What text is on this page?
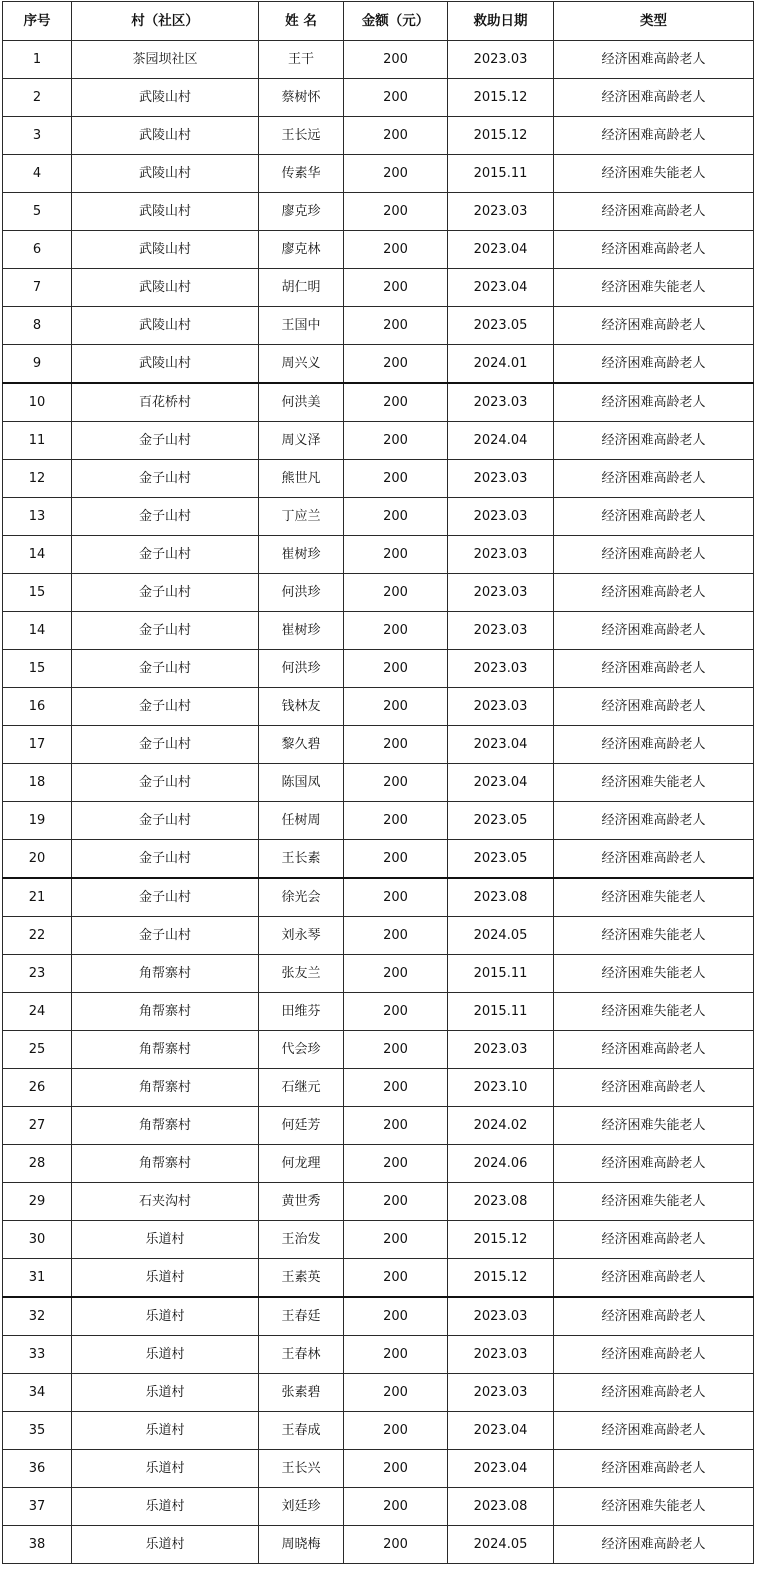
序号	村（社区）	姓 名	金额（元）	救助日期	类型
1	茶园坝社区	王干	200	2023.03	经济困难高龄老人
2	武陵山村	蔡树怀	200	2015.12	经济困难高龄老人
3	武陵山村	王长远	200	2015.12	经济困难高龄老人
4	武陵山村	传素华	200	2015.11	经济困难失能老人
5	武陵山村	廖克珍	200	2023.03	经济困难高龄老人
6	武陵山村	廖克林	200	2023.04	经济困难高龄老人
7	武陵山村	胡仁明	200	2023.04	经济困难失能老人
8	武陵山村	王国中	200	2023.05	经济困难高龄老人
9	武陵山村	周兴义	200	2024.01	经济困难高龄老人
10	百花桥村	何洪美	200	2023.03	经济困难高龄老人
11	金子山村	周义泽	200	2024.04	经济困难高龄老人
12	金子山村	熊世凡	200	2023.03	经济困难高龄老人
13	金子山村	丁应兰	200	2023.03	经济困难高龄老人
14	金子山村	崔树珍	200	2023.03	经济困难高龄老人
15	金子山村	何洪珍	200	2023.03	经济困难高龄老人
14	金子山村	崔树珍	200	2023.03	经济困难高龄老人
15	金子山村	何洪珍	200	2023.03	经济困难高龄老人
16	金子山村	钱林友	200	2023.03	经济困难高龄老人
17	金子山村	黎久碧	200	2023.04	经济困难高龄老人
18	金子山村	陈国凤	200	2023.04	经济困难失能老人
19	金子山村	任树周	200	2023.05	经济困难高龄老人
20	金子山村	王长素	200	2023.05	经济困难高龄老人
21	金子山村	徐光会	200	2023.08	经济困难失能老人
22	金子山村	刘永琴	200	2024.05	经济困难失能老人
23	角帮寨村	张友兰	200	2015.11	经济困难失能老人
24	角帮寨村	田维芬	200	2015.11	经济困难失能老人
25	角帮寨村	代会珍	200	2023.03	经济困难高龄老人
26	角帮寨村	石继元	200	2023.10	经济困难高龄老人
27	角帮寨村	何廷芳	200	2024.02	经济困难失能老人
28	角帮寨村	何龙理	200	2024.06	经济困难高龄老人
29	石夹沟村	黄世秀	200	2023.08	经济困难失能老人
30	乐道村	王治发	200	2015.12	经济困难高龄老人
31	乐道村	王素英	200	2015.12	经济困难高龄老人
32	乐道村	王春廷	200	2023.03	经济困难高龄老人
33	乐道村	王春林	200	2023.03	经济困难高龄老人
34	乐道村	张素碧	200	2023.03	经济困难高龄老人
35	乐道村	王春成	200	2023.04	经济困难高龄老人
36	乐道村	王长兴	200	2023.04	经济困难高龄老人
37	乐道村	刘廷珍	200	2023.08	经济困难失能老人
38	乐道村	周晓梅	200	2024.05	经济困难高龄老人
